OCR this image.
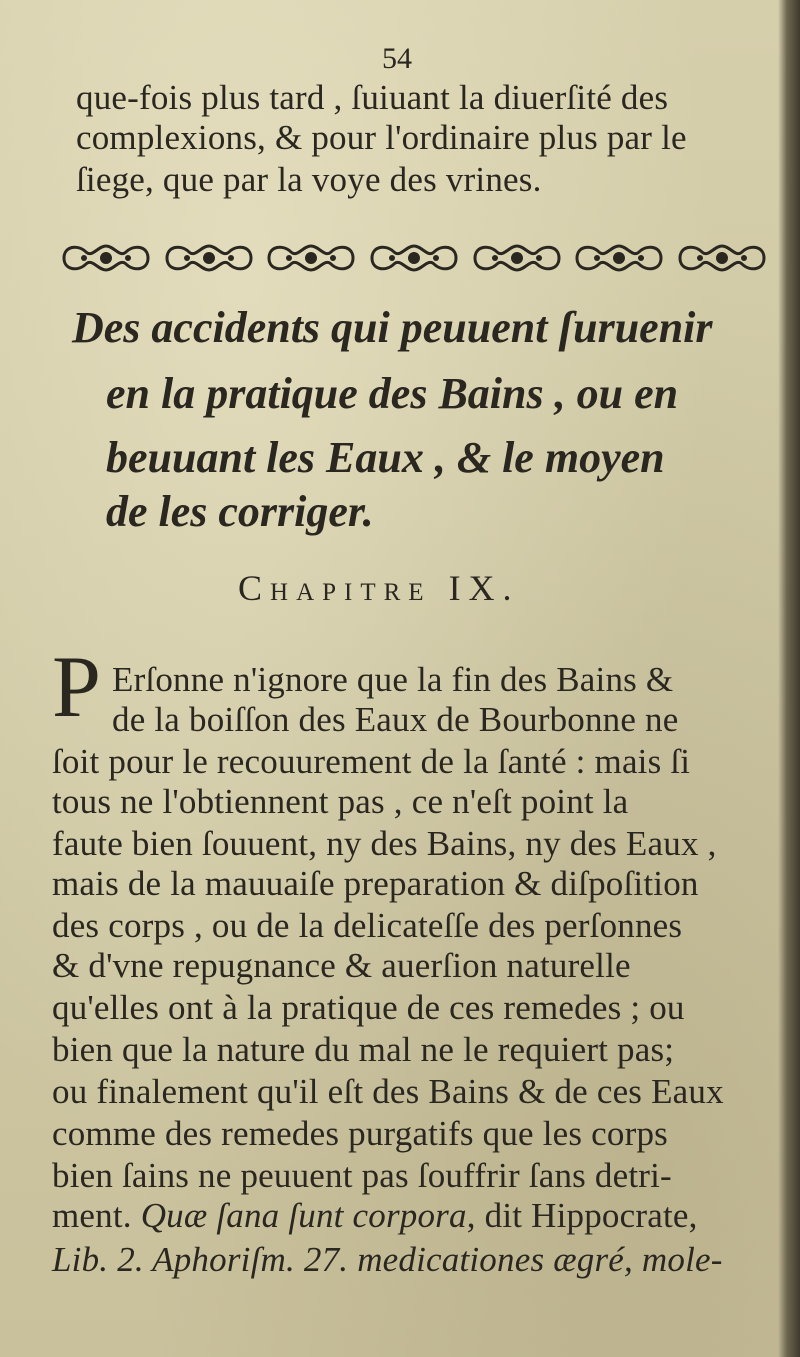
54
que-fois plus tard , ſuiuant la diuerſité des
complexions, & pour l'ordinaire plus par le
ſiege, que par la voye des vrines.
Des accidents qui peuuent ſuruenir
en la pratique des Bains , ou en
beuuant les Eaux , & le moyen
de les corriger.
Chapitre IX.
P Erſonne n'ignore que la fin des Bains &
de la boiſſon des Eaux de Bourbonne ne
ſoit pour le recouurement de la ſanté : mais ſi
tous ne l'obtiennent pas , ce n'eſt point la
faute bien ſouuent, ny des Bains, ny des Eaux ,
mais de la mauuaiſe preparation & diſpoſition
des corps , ou de la delicateſſe des perſonnes
& d'vne repugnance & auerſion naturelle
qu'elles ont à la pratique de ces remedes ; ou
bien que la nature du mal ne le requiert pas;
ou finalement qu'il eſt des Bains & de ces Eaux
comme des remedes purgatifs que les corps
bien ſains ne peuuent pas ſouffrir ſans detri-
ment. Quæ ſana ſunt corpora, dit Hippocrate,
Lib. 2. Aphoriſm. 27. medicationes ægré, mole-
